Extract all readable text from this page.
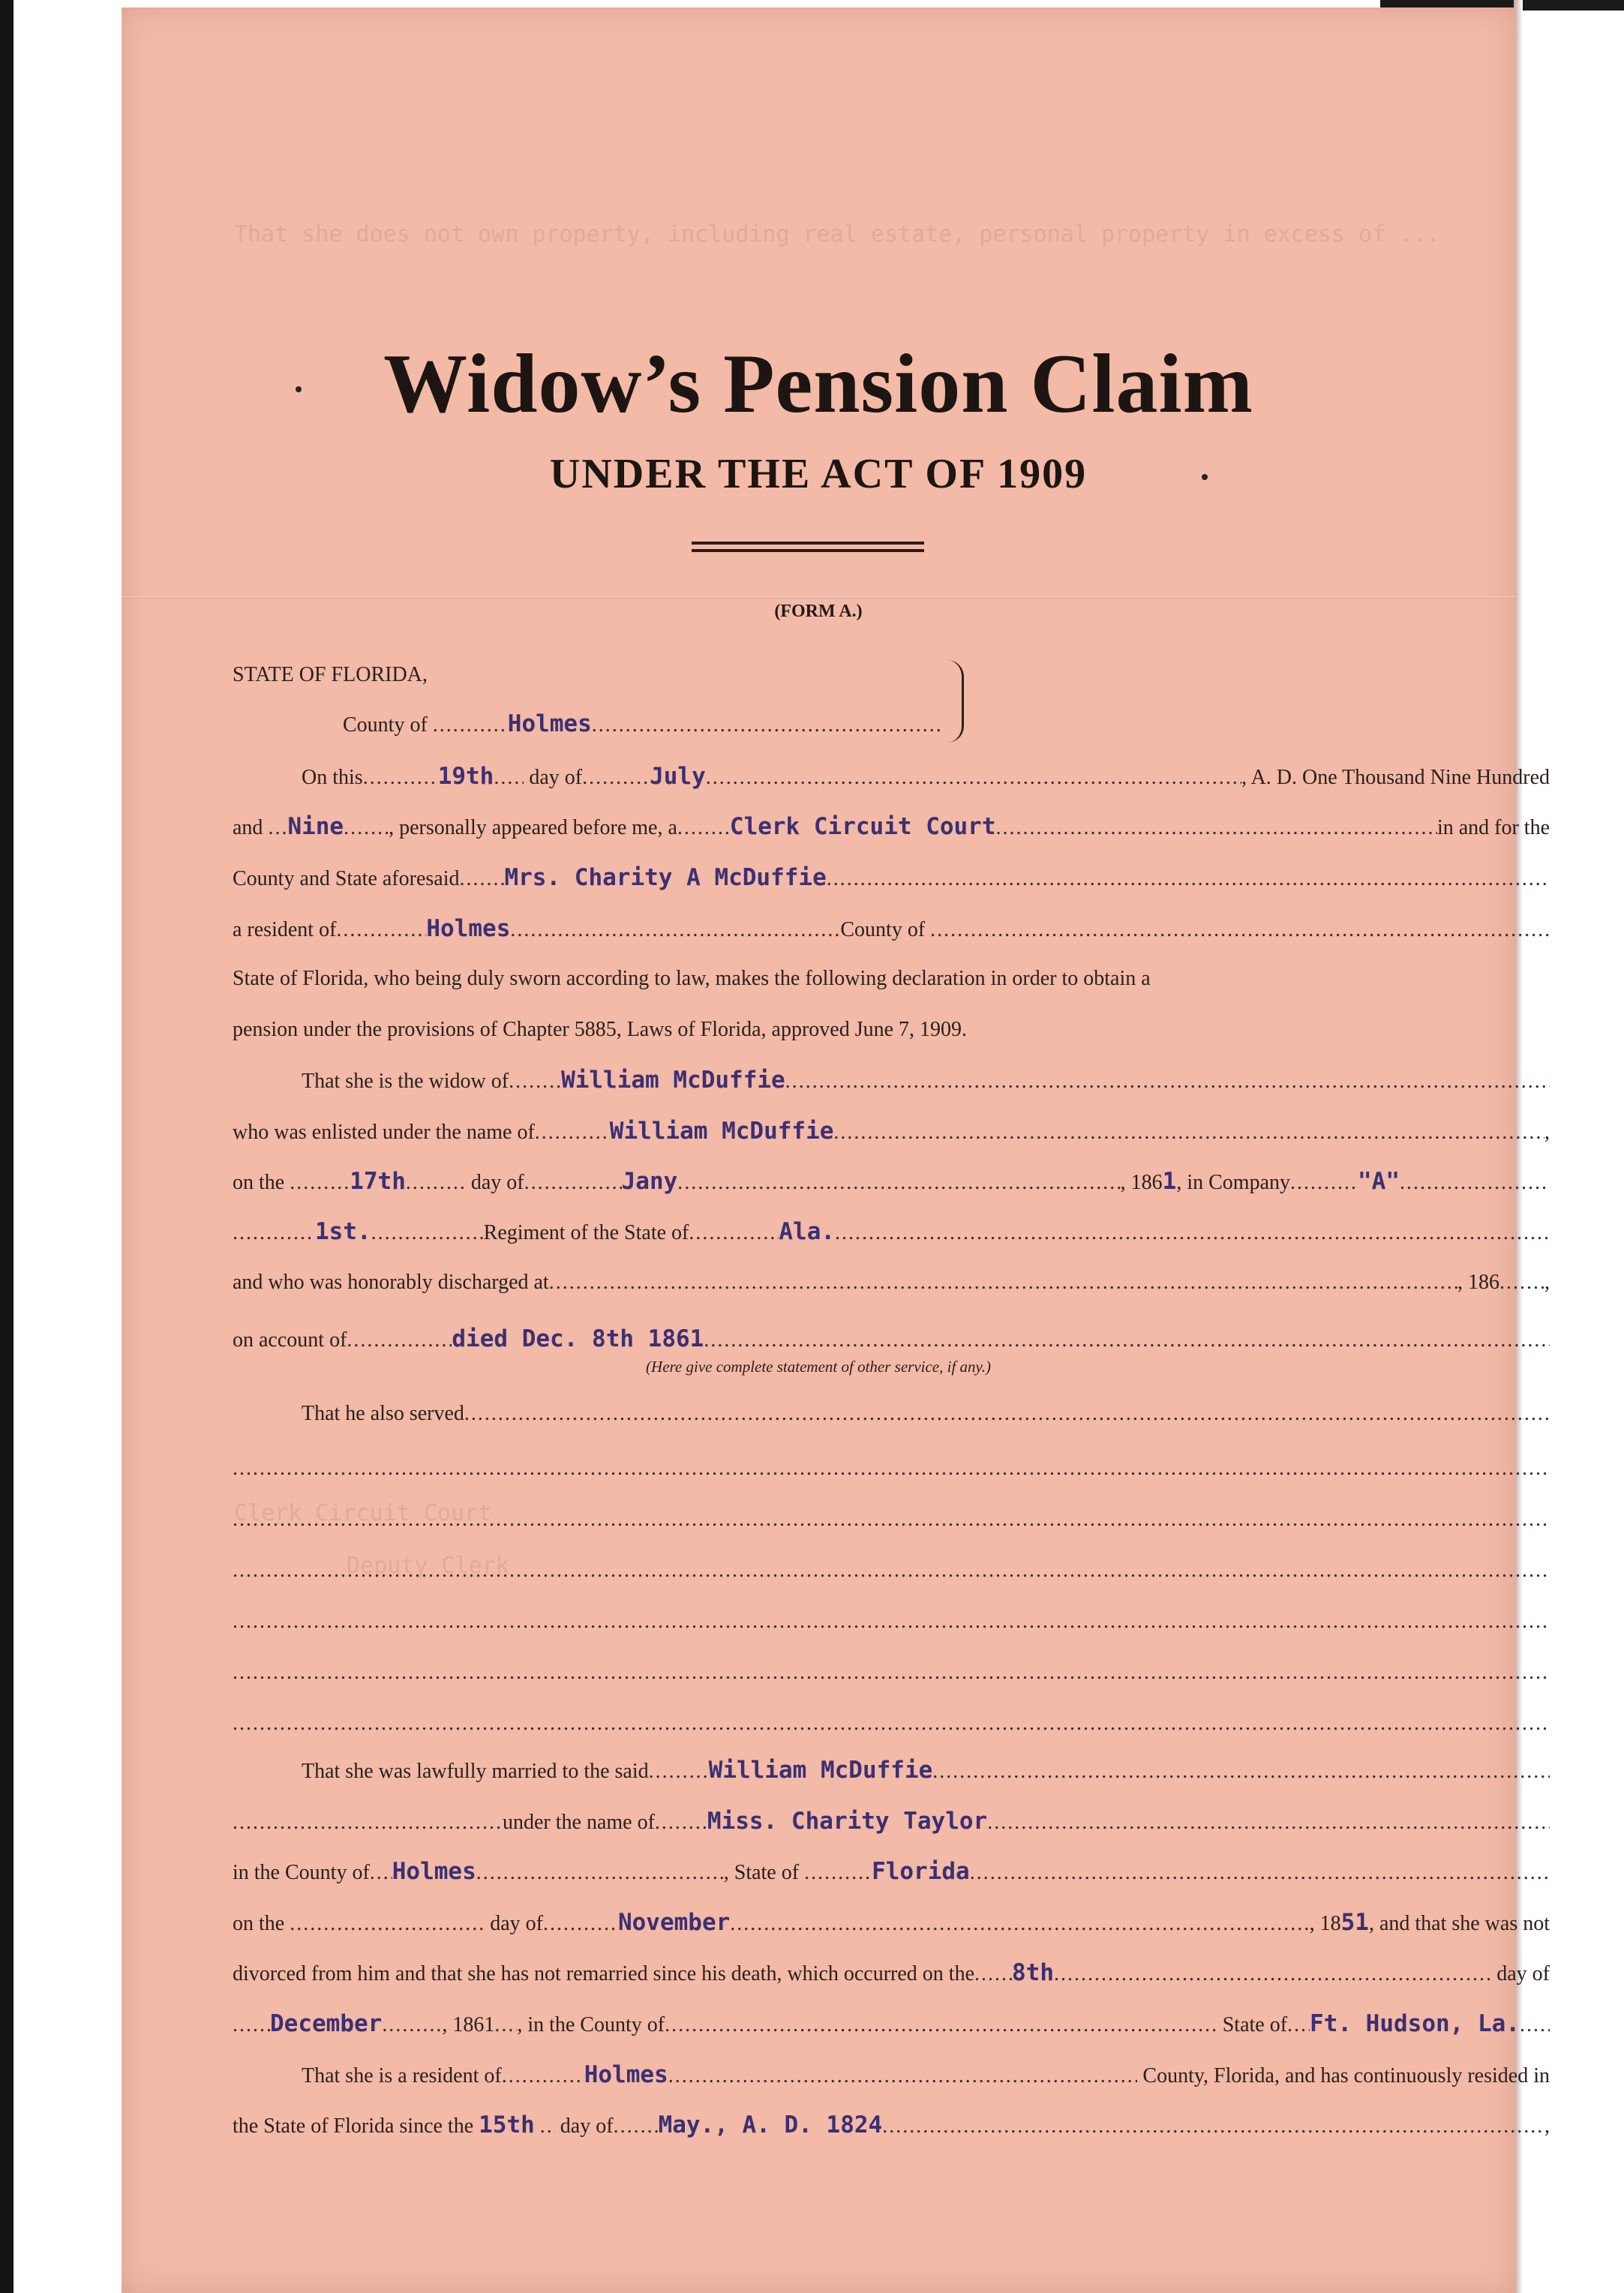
That she does not own property, including real estate, personal property in excess of ...
Clerk Circuit Court
Deputy Clerk
Widow’s Pension Claim
UNDER THE ACT OF 1909
(FORM A.)
STATE OF FLORIDA,
County of
.....	Holmes
.....
On this .....	19th .....
day of .....	July .....	, A. D. One Thousand Nine Hundred
and
..... Nine ..... , personally appeared before me, a ..... Clerk Circuit Court .....	in and for the
County and State aforesaid ..... Mrs. Charity A McDuffie
.....
a resident of .....	Holmes .....	County of

.....
State of Florida, who being duly sworn according to law, makes the following declaration in order to obtain a
pension under the provisions of Chapter 5885, Laws of Florida, approved June 7, 1909.
That she is the widow of ..... William McDuffie
.....
who was enlisted under the name of .....	William McDuffie .....	,
on the
.....	17th .....
	day of .....	Jany .....	, 186 1 , in Company .....	"A"
.....
.....
1st. .....	Regiment of the State of .....	Ala.
.....
and who was honorably discharged at .....	, 186 ..... ,
on account of .....	died Dec. 8th 1861
.....
(Here give complete statement of other service, if any.)
That he also served
.....
.....
.....
.....
.....
.....
.....
That she was lawfully married to the said .....	William McDuffie
.....
.....
under the name of ..... Miss. Charity Taylor
.....
in the County of ..... Holmes .....	, State of
.....	Florida
.....
on the
.....
	day of .....	November .....	, 18 51 , and that she was not
divorced from him and that she has not remarried since his death, which occurred on the ..... 8th .....
	day of
.....
December .....	, 1861 ..... , in the County of .....
	State of ..... Ft. Hudson, La.
.....
That she is a resident of .....	Holmes .....
	County, Florida, and has continuously resided in
the State of Florida since the
15th
.....
day of ..... May., A. D. 1824 .....	,
